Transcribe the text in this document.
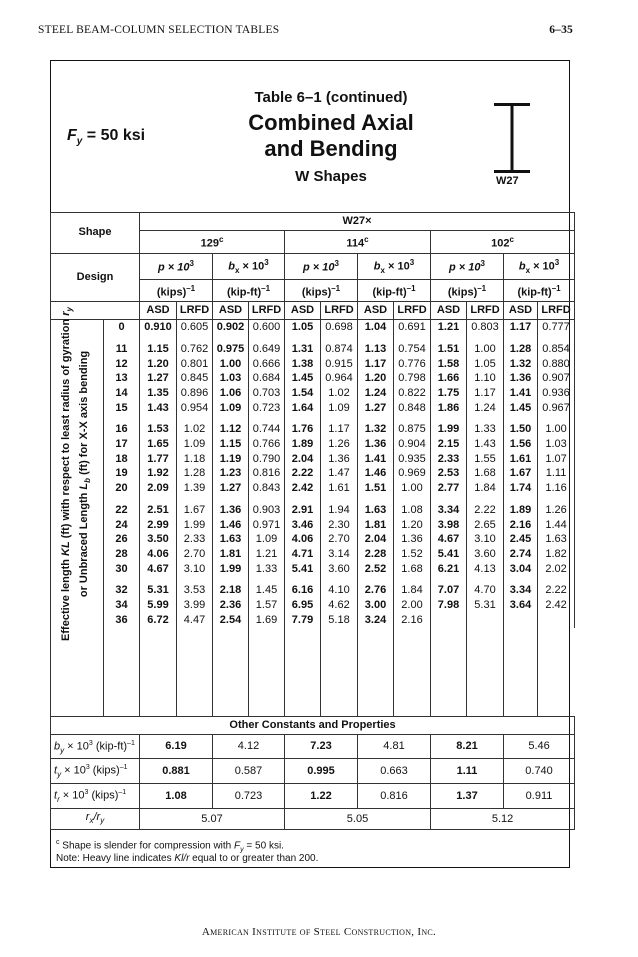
STEEL BEAM-COLUMN SELECTION TABLES	6–35
$F_y = 50$ ksi
Table 6–1 (continued)
Combined Axial
and Bending
W Shapes	W27
Shape		W27×												
		129$^c$				114$^c$				102$^c$
Design		$p \times 10^3$		$b_x \times 10^3$		$p \times 10^3$		$b_x \times 10^3$		$p \times 10^3$		$b_x \times 10^3$
		(kips)$^{-1}$		$(kip-ft)^{-1}$		(kips)$^{-1}$		$(kip-ft)^{-1}$		(kips)$^{-1}$		$(kip-ft)^{-1}$
		ASD	LRFD	ASD	LRFD	ASD	LRFD	ASD	LRFD	ASD	LRFD	ASD	LRFD	

Effective length KL (ft) with respect to least radius of gyration $r_y$
or Unbraced Length $L_b$ (ft) for X-X axis bending	0	0.910	0.605	0.902	0.600	1.05	0.698	1.04	0.691	1.21	0.803	1.17	0.777	

	11	1.15	0.762	0.975	0.649	1.31	0.874	1.13	0.754	1.51	1.00	1.28	0.854	
	12	1.20	0.801	1.00	0.666	1.38	0.915	1.17	0.776	1.58	1.05	1.32	0.880	
	13	1.27	0.845	1.03	0.684	1.45	0.964	1.20	0.798	1.66	1.10	1.36	0.907	
	14	1.35	0.896	1.06	0.703	1.54	1.02	1.24	0.822	1.75	1.17	1.41	0.936	
	15	1.43	0.954	1.09	0.723	1.64	1.09	1.27	0.848	1.86	1.24	1.45	0.967	

	16	1.53	1.02	1.12	0.744	1.76	1.17	1.32	0.875	1.99	1.33	1.50	1.00	
	17	1.65	1.09	1.15	0.766	1.89	1.26	1.36	0.904	2.15	1.43	1.56	1.03	
	18	1.77	1.18	1.19	0.790	2.04	1.36	1.41	0.935	2.33	1.55	1.61	1.07	
	19	1.92	1.28	1.23	0.816	2.22	1.47	1.46	0.969	2.53	1.68	1.67	1.11	
	20	2.09	1.39	1.27	0.843	2.42	1.61	1.51	1.00	2.77	1.84	1.74	1.16	

	22	2.51	1.67	1.36	0.903	2.91	1.94	1.63	1.08	3.34	2.22	1.89	1.26	
	24	2.99	1.99	1.46	0.971	3.46	2.30	1.81	1.20	3.98	2.65	2.16	1.44	
	26	3.50	2.33	1.63	1.09	4.06	2.70	2.04	1.36	4.67	3.10	2.45	1.63	
	28	4.06	2.70	1.81	1.21	4.71	3.14	2.28	1.52	5.41	3.60	2.74	1.82	
	30	4.67	3.10	1.99	1.33	5.41	3.60	2.52	1.68	6.21	4.13	3.04	2.02	

	32	5.31	3.53	2.18	1.45	6.16	4.10	2.76	1.84	7.07	4.70	3.34	2.22	
	34	5.99	3.99	2.36	1.57	6.95	4.62	3.00	2.00	7.98	5.31	3.64	2.42	
	36	6.72	4.47	2.54	1.69	7.79	5.18	3.24	2.16					

Other Constants and Properties														
$b_y \times 10^3$ $(kip-ft)^{-1}$		6.19		4.12		7.23		4.81		8.21		5.46		
$t_y \times 10^3$ (kips)$^{-1}$		0.881		0.587		0.995		0.663		1.11		0.740		
$t_r \times 10^3$ (kips)$^{-1}$		1.08		0.723		1.22		0.816		1.37		0.911		
$r_x/r_y$		5.07				5.05				5.12				
$^c$ Shape is slender for compression with $F_y = 50$ ksi.
Note: Heavy line indicates Kl/r equal to or greater than 200.
American Institute of Steel Construction, Inc.
